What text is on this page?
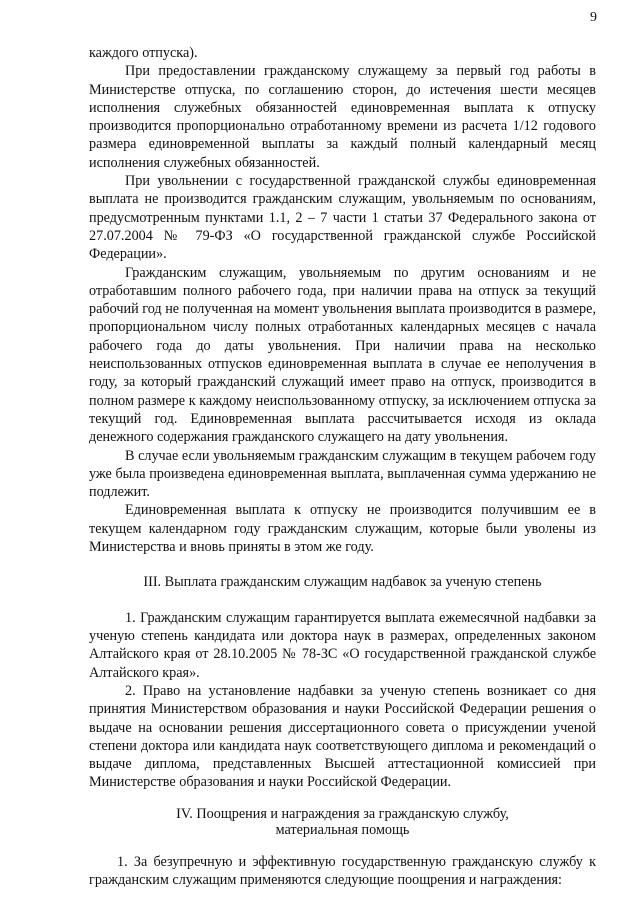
9

каждого отпуска).

При предоставлении гражданскому служащему за первый год работы в Министерстве отпуска, по соглашению сторон, до истечения шести месяцев исполнения служебных обязанностей единовременная выплата к отпуску производится пропорционально отработанному времени из расчета 1/12 годового размера единовременной выплаты за каждый полный календарный месяц исполнения служебных обязанностей.

При увольнении с государственной гражданской службы единовременная выплата не производится гражданским служащим, увольняемым по основаниям, предусмотренным пунктами 1.1, 2 – 7 части 1 статьи 37 Федерального закона от 27.07.2004 № 79-ФЗ «О государственной гражданской службе Российской Федерации».

Гражданским служащим, увольняемым по другим основаниям и не отработавшим полного рабочего года, при наличии права на отпуск за текущий рабочий год не полученная на момент увольнения выплата производится в размере, пропорциональном числу полных отработанных календарных месяцев с начала рабочего года до даты увольнения. При наличии права на несколько неиспользованных отпусков единовременная выплата в случае ее неполучения в году, за который гражданский служащий имеет право на отпуск, производится в полном размере к каждому неиспользованному отпуску, за исключением отпуска за текущий год. Единовременная выплата рассчитывается исходя из оклада денежного содержания гражданского служащего на дату увольнения.

В случае если увольняемым гражданским служащим в текущем рабочем году уже была произведена единовременная выплата, выплаченная сумма удержанию не подлежит.

Единовременная выплата к отпуску не производится получившим ее в текущем календарном году гражданским служащим, которые были уволены из Министерства и вновь приняты в этом же году.

III. Выплата гражданским служащим надбавок за ученую степень

1. Гражданским служащим гарантируется выплата ежемесячной надбавки за ученую степень кандидата или доктора наук в размерах, определенных законом Алтайского края от 28.10.2005 № 78-ЗС «О государственной гражданской службе Алтайского края».

2. Право на установление надбавки за ученую степень возникает со дня принятия Министерством образования и науки Российской Федерации решения о выдаче на основании решения диссертационного совета о присуждении ученой степени доктора или кандидата наук соответствующего диплома и рекомендаций о выдаче диплома, представленных Высшей аттестационной комиссией при Министерстве образования и науки Российской Федерации.

IV. Поощрения и награждения за гражданскую службу,

материальная помощь

1. За безупречную и эффективную государственную гражданскую службу к гражданским служащим применяются следующие поощрения и награждения:
